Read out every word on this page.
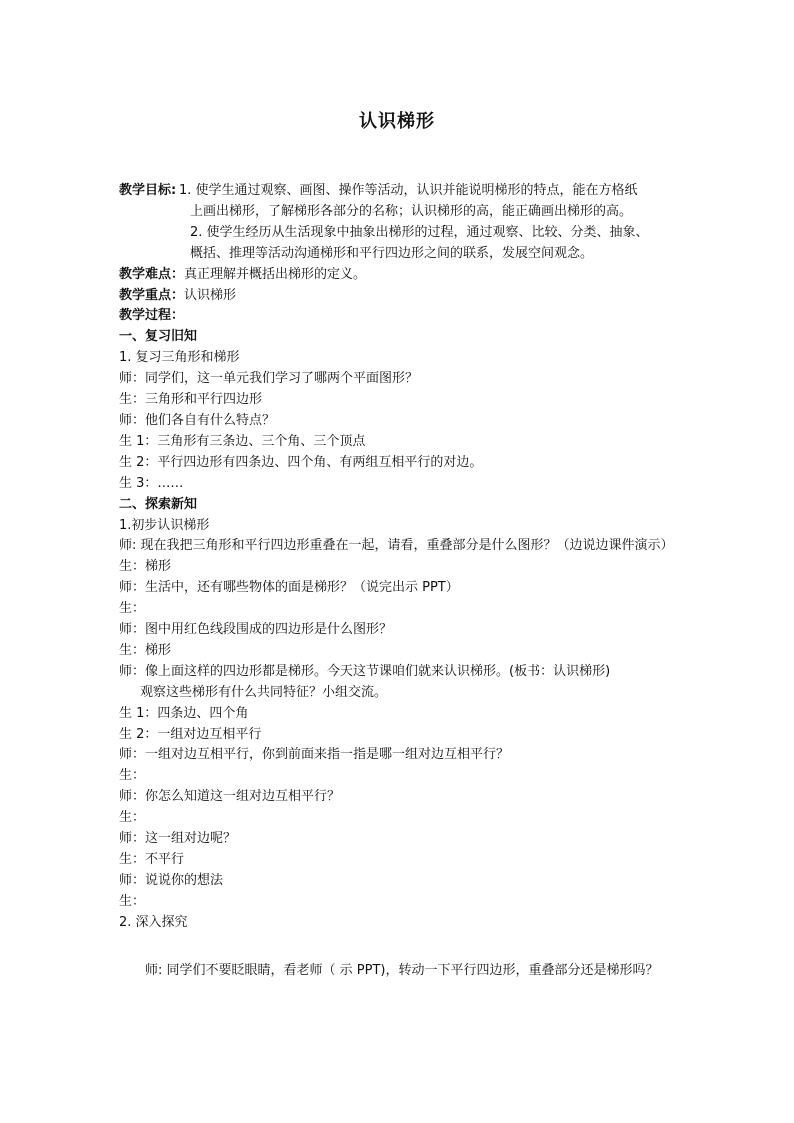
认识梯形
教学目标: 1. 使学生通过观察、画图、操作等活动，认识并能说明梯形的特点，能在方格纸
上画出梯形，了解梯形各部分的名称；认识梯形的高，能正确画出梯形的高。
2. 使学生经历从生活现象中抽象出梯形的过程，通过观察、比较、分类、抽象、
概括、推理等活动沟通梯形和平行四边形之间的联系，发展空间观念。
教学难点：真正理解并概括出梯形的定义。
教学重点：认识梯形
教学过程：
一、复习旧知
1. 复习三角形和梯形
师：同学们，这一单元我们学习了哪两个平面图形？
生：三角形和平行四边形
师：他们各自有什么特点？
生 1：三角形有三条边、三个角、三个顶点
生 2：平行四边形有四条边、四个角、有两组互相平行的对边。
生 3：……
二、探索新知
1.初步认识梯形
师: 现在我把三角形和平行四边形重叠在一起，请看，重叠部分是什么图形？（边说边课件演示）
生：梯形
师：生活中，还有哪些物体的面是梯形？（说完出示 PPT）
生：
师：图中用红色线段围成的四边形是什么图形？
生：梯形
师：像上面这样的四边形都是梯形。今天这节课咱们就来认识梯形。(板书：认识梯形)
观察这些梯形有什么共同特征？小组交流。
生 1：四条边、四个角
生 2：一组对边互相平行
师：一组对边互相平行，你到前面来指一指是哪一组对边互相平行？
生：
师：你怎么知道这一组对边互相平行？
生：
师：这一组对边呢？
生：不平行
师：说说你的想法
生：
2. 深入探究
师: 同学们不要眨眼睛，看老师（ 示 PPT)，转动一下平行四边形，重叠部分还是梯形吗？
